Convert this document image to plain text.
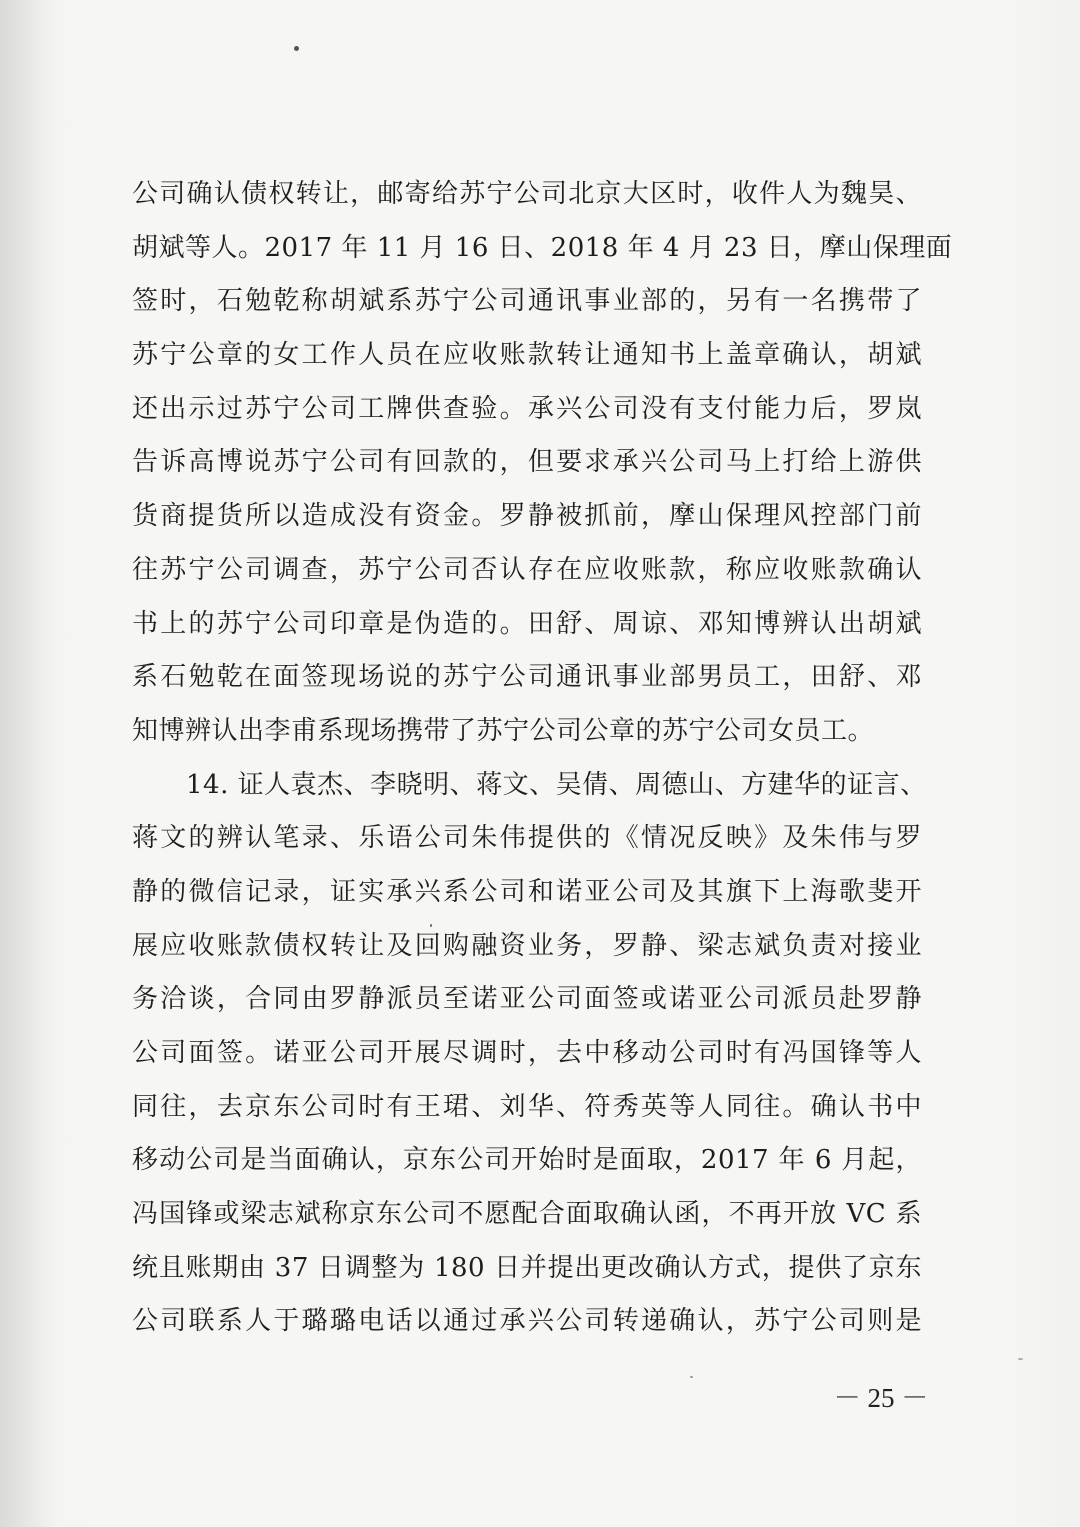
公司确认债权转让，邮寄给苏宁公司北京大区时，收件人为魏昊、
胡斌等人。2017 年 11 月 16 日、2018 年 4 月 23 日，摩山保理面
签时，石勉乾称胡斌系苏宁公司通讯事业部的，另有一名携带了
苏宁公章的女工作人员在应收账款转让通知书上盖章确认，胡斌
还出示过苏宁公司工牌供查验。承兴公司没有支付能力后，罗岚
告诉高博说苏宁公司有回款的，但要求承兴公司马上打给上游供
货商提货所以造成没有资金。罗静被抓前，摩山保理风控部门前
往苏宁公司调查，苏宁公司否认存在应收账款，称应收账款确认
书上的苏宁公司印章是伪造的。田舒、周谅、邓知博辨认出胡斌
系石勉乾在面签现场说的苏宁公司通讯事业部男员工，田舒、邓
知博辨认出李甫系现场携带了苏宁公司公章的苏宁公司女员工。
14. 证人袁杰、李晓明、蒋文、吴倩、周德山、方建华的证言、
蒋文的辨认笔录、乐语公司朱伟提供的《情况反映》及朱伟与罗
静的微信记录，证实承兴系公司和诺亚公司及其旗下上海歌斐开
展应收账款债权转让及回购融资业务，罗静、梁志斌负责对接业
务洽谈，合同由罗静派员至诺亚公司面签或诺亚公司派员赴罗静
公司面签。诺亚公司开展尽调时，去中移动公司时有冯国锋等人
同往，去京东公司时有王珺、刘华、符秀英等人同往。确认书中
移动公司是当面确认，京东公司开始时是面取，2017 年 6 月起，
冯国锋或梁志斌称京东公司不愿配合面取确认函，不再开放 VC 系
统且账期由 37 日调整为 180 日并提出更改确认方式，提供了京东
公司联系人于璐璐电话以通过承兴公司转递确认，苏宁公司则是
－ 25 －
